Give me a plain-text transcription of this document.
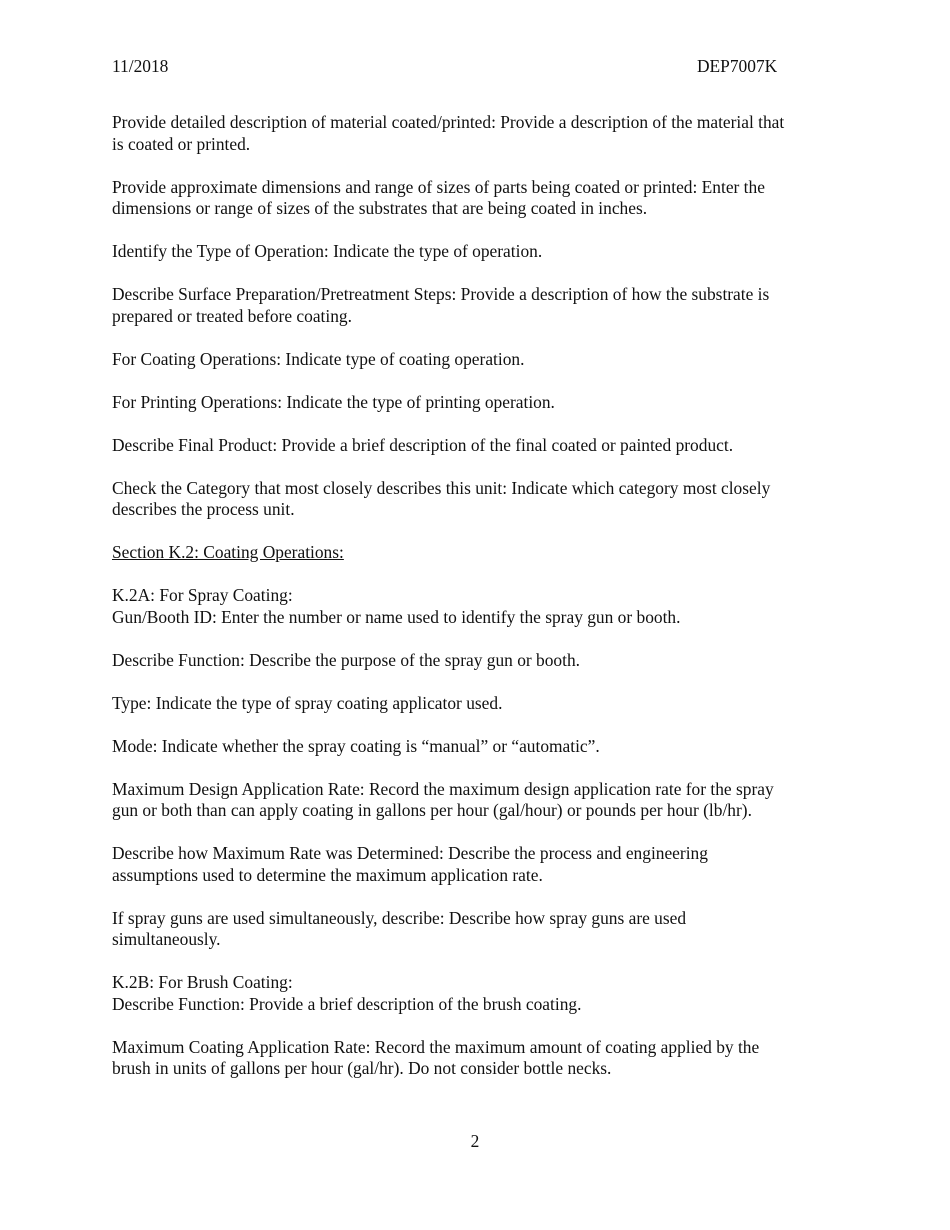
11/2018	DEP7007K
Provide detailed description of material coated/printed: Provide a description of the material that
is coated or printed.
Provide approximate dimensions and range of sizes of parts being coated or printed: Enter the
dimensions or range of sizes of the substrates that are being coated in inches.
Identify the Type of Operation: Indicate the type of operation.
Describe Surface Preparation/Pretreatment Steps: Provide a description of how the substrate is
prepared or treated before coating.
For Coating Operations: Indicate type of coating operation.
For Printing Operations: Indicate the type of printing operation.
Describe Final Product: Provide a brief description of the final coated or painted product.
Check the Category that most closely describes this unit: Indicate which category most closely
describes the process unit.
Section K.2: Coating Operations:
K.2A: For Spray Coating:
Gun/Booth ID: Enter the number or name used to identify the spray gun or booth.
Describe Function: Describe the purpose of the spray gun or booth.
Type: Indicate the type of spray coating applicator used.
Mode: Indicate whether the spray coating is “manual” or “automatic”.
Maximum Design Application Rate: Record the maximum design application rate for the spray
gun or both than can apply coating in gallons per hour (gal/hour) or pounds per hour (lb/hr).
Describe how Maximum Rate was Determined: Describe the process and engineering
assumptions used to determine the maximum application rate.
If spray guns are used simultaneously, describe: Describe how spray guns are used
simultaneously.
K.2B: For Brush Coating:
Describe Function: Provide a brief description of the brush coating.
Maximum Coating Application Rate: Record the maximum amount of coating applied by the
brush in units of gallons per hour (gal/hr). Do not consider bottle necks.
2
